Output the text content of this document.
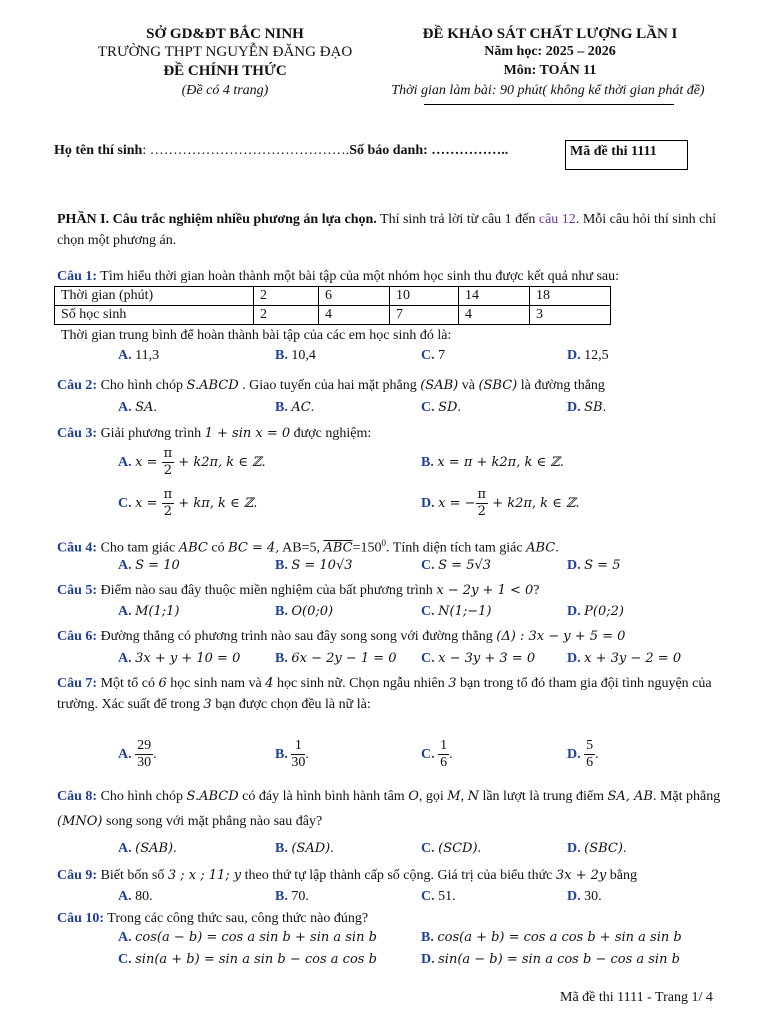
SỞ GD&ĐT BẮC NINH
TRƯỜNG THPT NGUYỄN ĐĂNG ĐẠO
ĐỀ CHÍNH THỨC
(Đề có 4 trang)
ĐỀ KHẢO SÁT CHẤT LƯỢNG LẦN I
Năm học: 2025 – 2026
Môn: TOÁN 11
Thời gian làm bài: 90 phút( không kể thời gian phát đề)
Họ tên thí sinh: …………………………………….Số báo danh: ……………..	Mã đề thi 1111
PHẦN I. Câu trắc nghiệm nhiều phương án lựa chọn. Thí sinh trả lời từ câu 1 đến câu 12. Mỗi câu hỏi thí sinh chỉ chọn một phương án.
Câu 1: Tìm hiểu thời gian hoàn thành một bài tập của một nhóm học sinh thu được kết quả như sau:
Thời gian (phút)	2	6	10	14	18
Số học sinh	2	4	7	4	3
Thời gian trung bình để hoàn thành bài tập của các em học sinh đó là:
A. 11,3	B. 10,4	C. 7	D. 12,5
Câu 2: Cho hình chóp S.ABCD . Giao tuyến của hai mặt phẳng (SAB) và (SBC) là đường thẳng
A. SA.	B. AC.	C. SD.	D. SB.
Câu 3: Giải phương trình 1 + sin x = 0 được nghiệm:
A. $x = \frac{\pi}{2} + k2\pi$, k ∈ ℤ.	B. x = π + k2π, k ∈ ℤ.
C. $x = \frac{\pi}{2} + k\pi$, k ∈ ℤ.	D. x = − $\frac{\pi}{2} + k2\pi$, k ∈ ℤ.
Câu 4: Cho tam giác ABC có BC = 4, AB=5, $\overline{ABC}=150^0$. Tính diện tích tam giác ABC.
A. S = 10	B. S = 10√3	C. S = 5√3	D. S = 5
Câu 5: Điểm nào sau đây thuộc miền nghiệm của bất phương trình x − 2y + 1 < 0?
A. M(1;1)	B. O(0;0)	C. N(1;−1)	D. P(0;2)
Câu 6: Đường thẳng có phương trình nào sau đây song song với đường thẳng (Δ) : 3x − y + 5 = 0
A. 3x + y + 10 = 0 B. 6x − 2y − 1 = 0 C. x − 3y + 3 = 0 D. x + 3y − 2 = 0
Câu 7: Một tổ có 6 học sinh nam và 4 học sinh nữ. Chọn ngẫu nhiên 3 bạn trong tổ đó tham gia đội tình nguyện của trường. Xác suất để trong 3 bạn được chọn đều là nữ là:
A. $\frac{29}{30}$ .	B. $\frac{1}{30}$ .	C. $\frac{1}{6}$ .	D. $\frac{5}{6}$ .
Câu 8: Cho hình chóp S.ABCD có đáy là hình bình hành tâm O, gọi M, N lần lượt là trung điểm SA, AB. Mặt phẳng (MNO) song song với mặt phẳng nào sau đây?
A. (SAB).	B. (SAD).	C. (SCD).	D. (SBC).
Câu 9: Biết bốn số 3 ; x ; 11; y theo thứ tự lập thành cấp số cộng. Giá trị của biểu thức 3x + 2y bằng
A. 80.	B. 70.	C. 51.	D. 30.
Câu 10: Trong các công thức sau, công thức nào đúng?
A. cos(a − b) = cos a sin b + sin a sin b	B. cos(a + b) = cos a cos b + sin a sin b
C. sin(a + b) = sin a sin b − cos a cos b	D. sin(a − b) = sin a cos b − cos a sin b
Mã đề thi 1111 - Trang 1/ 4
